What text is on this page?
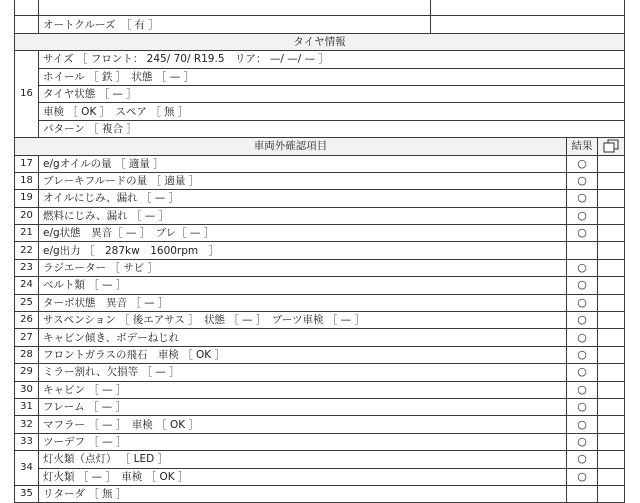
	オートクルーズ　［ 有 ］			
タイヤ情報				
16	サイズ ［ フロント： 245/ 70/ R19.5　リア： —/ —/ — ］			
	ホイール ［ 鉄 ］　状態 ［ — ］			
	タイヤ状態 ［ — ］			
	車検 ［ OK ］　スペア ［ 無 ］			
	パターン ［ 複合 ］			
車両外確認項目			結果	

17	e/gオイルの量 ［ 適量 ］		○	
18	ブレーキフルードの量 ［ 適量 ］		○	
19	オイルにじみ、漏れ ［ — ］		○	
20	燃料にじみ、漏れ ［ — ］		○	
21	e/g状態　異音［ — ］　ブレ［ — ］		○	
22	e/g出力 ［　287kw　1600rpm　］			
23	ラジエーター ［ サビ ］		○	
24	ベルト類 ［ — ］		○	
25	ターボ状態　異音 ［ — ］		○	
26	サスペンション ［ 後エアサス ］　状態 ［ — ］　ブーツ車検 ［ — ］		○	
27	キャビン傾き、ボデーねじれ		○	
28	フロントガラスの飛石　車検 ［ OK ］		○	
29	ミラー割れ、欠損等 ［ — ］		○	
30	キャビン ［ — ］		○	
31	フレーム ［ — ］		○	
32	マフラー ［ — ］　車検 ［ OK ］		○	
33	ツーデフ ［ — ］		○	
34	灯火類（点灯） ［ LED ］		○	
	灯火類 ［ — ］　車検 ［ OK ］		○	
35	リターダ ［ 無 ］			
